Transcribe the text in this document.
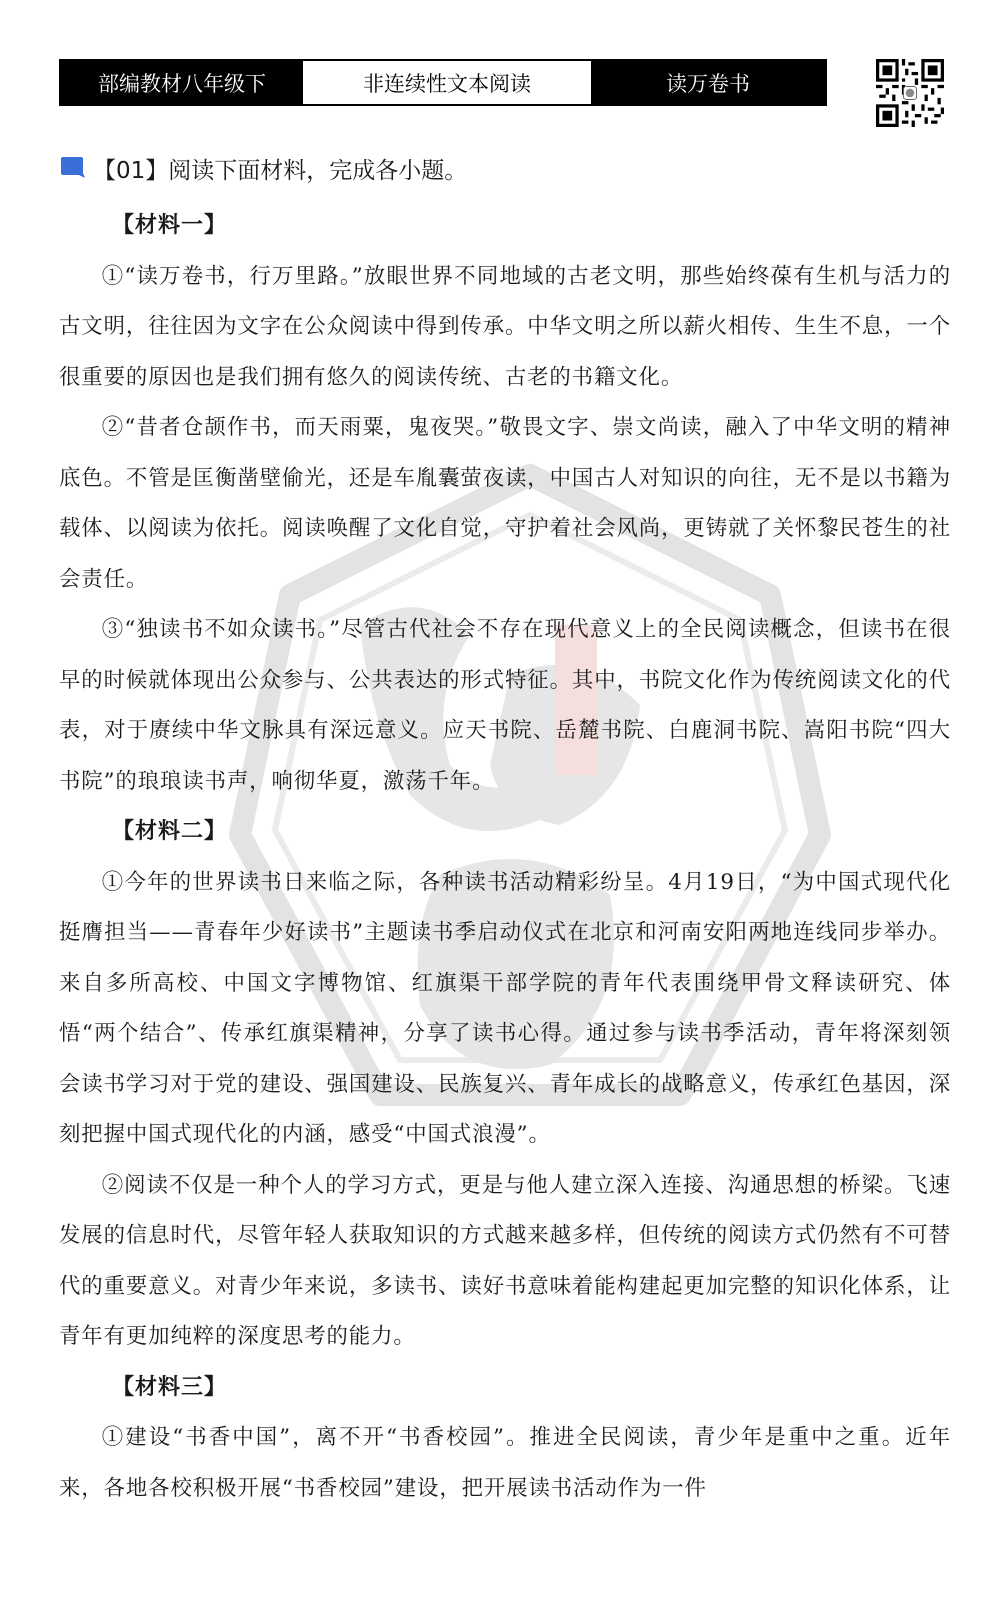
部编教材八年级下	非连续性文本阅读	读万卷书
【01】阅读下面材料，完成各小题。
【材料一】

①“读万卷书，行万里路。”放眼世界不同地域的古老文明，那些始终葆有生机与活力的古文明，往往因为文字在公众阅读中得到传承。中华文明之所以薪火相传、生生不息，一个很重要的原因也是我们拥有悠久的阅读传统、古老的书籍文化。

②“昔者仓颉作书，而天雨粟，鬼夜哭。”敬畏文字、崇文尚读，融入了中华文明的精神底色。不管是匡衡凿壁偷光，还是车胤囊萤夜读，中国古人对知识的向往，无不是以书籍为载体、以阅读为依托。阅读唤醒了文化自觉，守护着社会风尚，更铸就了关怀黎民苍生的社会责任。

③“独读书不如众读书。”尽管古代社会不存在现代意义上的全民阅读概念，但读书在很早的时候就体现出公众参与、公共表达的形式特征。其中，书院文化作为传统阅读文化的代表，对于赓续中华文脉具有深远意义。应天书院、岳麓书院、白鹿洞书院、嵩阳书院“四大书院”的琅琅读书声，响彻华夏，激荡千年。

【材料二】

①今年的世界读书日来临之际，各种读书活动精彩纷呈。4月19日，“为中国式现代化挺膺担当——青春年少好读书”主题读书季启动仪式在北京和河南安阳两地连线同步举办。来自多所高校、中国文字博物馆、红旗渠干部学院的青年代表围绕甲骨文释读研究、体悟“两个结合”、传承红旗渠精神，分享了读书心得。通过参与读书季活动，青年将深刻领会读书学习对于党的建设、强国建设、民族复兴、青年成长的战略意义，传承红色基因，深刻把握中国式现代化的内涵，感受“中国式浪漫”。

②阅读不仅是一种个人的学习方式，更是与他人建立深入连接、沟通思想的桥梁。飞速发展的信息时代，尽管年轻人获取知识的方式越来越多样，但传统的阅读方式仍然有不可替代的重要意义。对青少年来说，多读书、读好书意味着能构建起更加完整的知识化体系，让青年有更加纯粹的深度思考的能力。

【材料三】

①建设“书香中国”，离不开“书香校园”。推进全民阅读，青少年是重中之重。近年来，各地各校积极开展“书香校园”建设，把开展读书活动作为一件
